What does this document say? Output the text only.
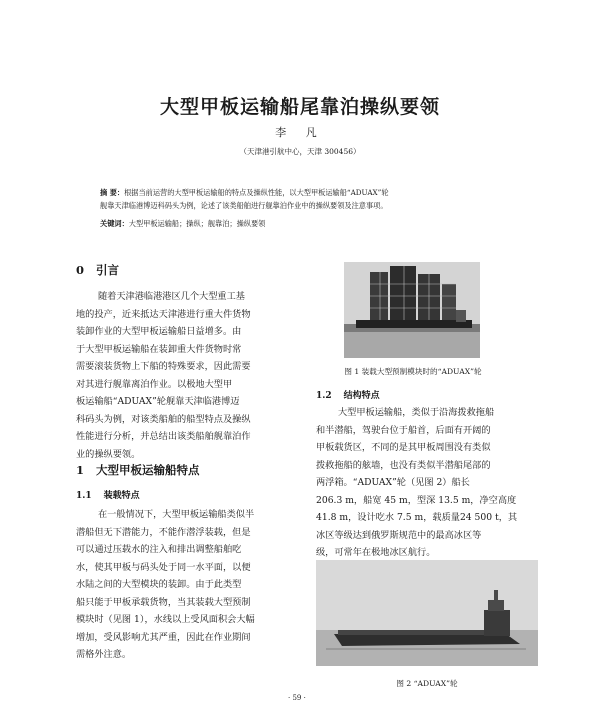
大型甲板运输船尾靠泊操纵要领
李 凡
（天津港引航中心，天津 300456）
摘 要：根据当前运营的大型甲板运输船的特点及操纵性能，以大型甲板运输船“ADUAX”轮
舰靠天津临港博迈科码头为例，论述了该类船舶进行舰靠泊作业中的操纵要领及注意事项。
关键词：大型甲板运输船；操纵；舰靠泊；操纵要领
0 引言
随着天津港临港港区几个大型重工基
地的投产，近来抵达天津港进行重大件货物
装卸作业的大型甲板运输船日益增多。由
于大型甲板运输船在装卸重大件货物时常
需要滚装货物上下船的特殊要求，因此需要
对其进行舰靠离泊作业。以极地大型甲
板运输船“ADUAX”轮舰靠天津临港博迈
科码头为例，对该类船舶的船型特点及操纵
性能进行分析，并总结出该类船舶舰靠泊作
业的操纵要领。
1 大型甲板运输船特点
1.1 装载特点
在一般情况下，大型甲板运输船类似半
潜船但无下潜能力，不能作潜浮装载，但是
可以通过压载水的注入和排出调整船舶吃
水，使其甲板与码头处于同一水平面，以便
水陆之间的大型模块的装卸。由于此类型
船只能于甲板承载货物，当其装载大型预制
模块时（见图 1），水线以上受风面积会大幅
增加，受风影响尤其严重，因此在作业期间
需格外注意。
图 1 装载大型预制模块时的“ADUAX”轮
1.2 结构特点
大型甲板运输船，类似于沿海拨救拖船
和半潜船，驾驶台位于船首，后面有开阔的
甲板载货区，不同的是其甲板周围没有类似
拨救拖船的舷墙，也没有类似半潜船尾部的
两浮箱。“ADUAX”轮（见图 2）船长
206.3 m，船宽 45 m，型深 13.5 m，净空高度
41.8 m，设计吃水 7.5 m，载质量24 500 t，其
冰区等级达到俄罗斯规范中的最高冰区等
级，可常年在极地冰区航行。
图 2 “ADUAX”轮
· 59 ·
